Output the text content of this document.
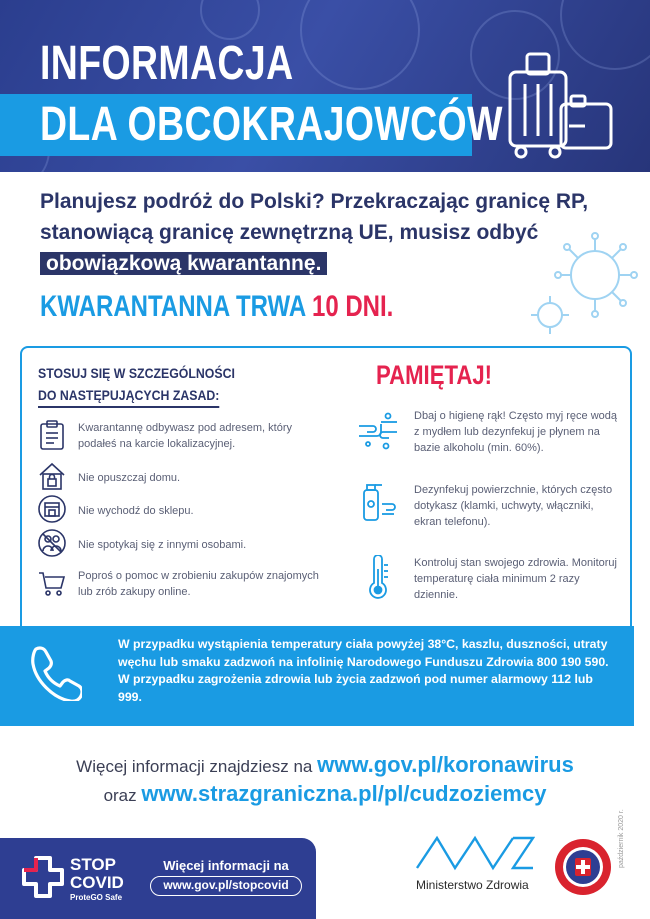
INFORMACJA
DLA OBCOKRAJOWCÓW
Planujesz podróż do Polski? Przekraczając granicę RP, stanowiącą granicę zewnętrzną UE, musisz odbyć obowiązkową kwarantannę.
KWARANTANNA TRWA 10 DNI.
STOSUJ SIĘ W SZCZEGÓLNOŚCI
DO NASTĘPUJĄCYCH ZASAD:
Kwarantannę odbywasz pod adresem, który podałeś na karcie lokalizacyjnej.
Nie opuszczaj domu.
Nie wychodź do sklepu.
Nie spotykaj się z innymi osobami.
Poproś o pomoc w zrobieniu zakupów znajomych lub zrób zakupy online.
PAMIĘTAJ!
Dbaj o higienę rąk! Często myj ręce wodą z mydłem lub dezynfekuj je płynem na bazie alkoholu (min. 60%).
Dezynfekuj powierzchnie, których często dotykasz (klamki, uchwyty, włączniki, ekran telefonu).
Kontroluj stan swojego zdrowia. Monitoruj temperaturę ciała minimum 2 razy dziennie.
W przypadku wystąpienia temperatury ciała powyżej 38°C, kaszlu, duszności, utraty węchu lub smaku zadzwoń na infolinię Narodowego Funduszu Zdrowia 800 190 590. W przypadku zagrożenia zdrowia lub życia zadzwoń pod numer alarmowy 112 lub 999.
Więcej informacji znajdziesz na www.gov.pl/koronawirus
oraz www.strazgraniczna.pl/pl/cudzoziemcy
STOP
COVID
ProteGO Safe
Więcej informacji na
www.gov.pl/stopcovid	Ministerstwo Zdrowia
październik 2020 r.
